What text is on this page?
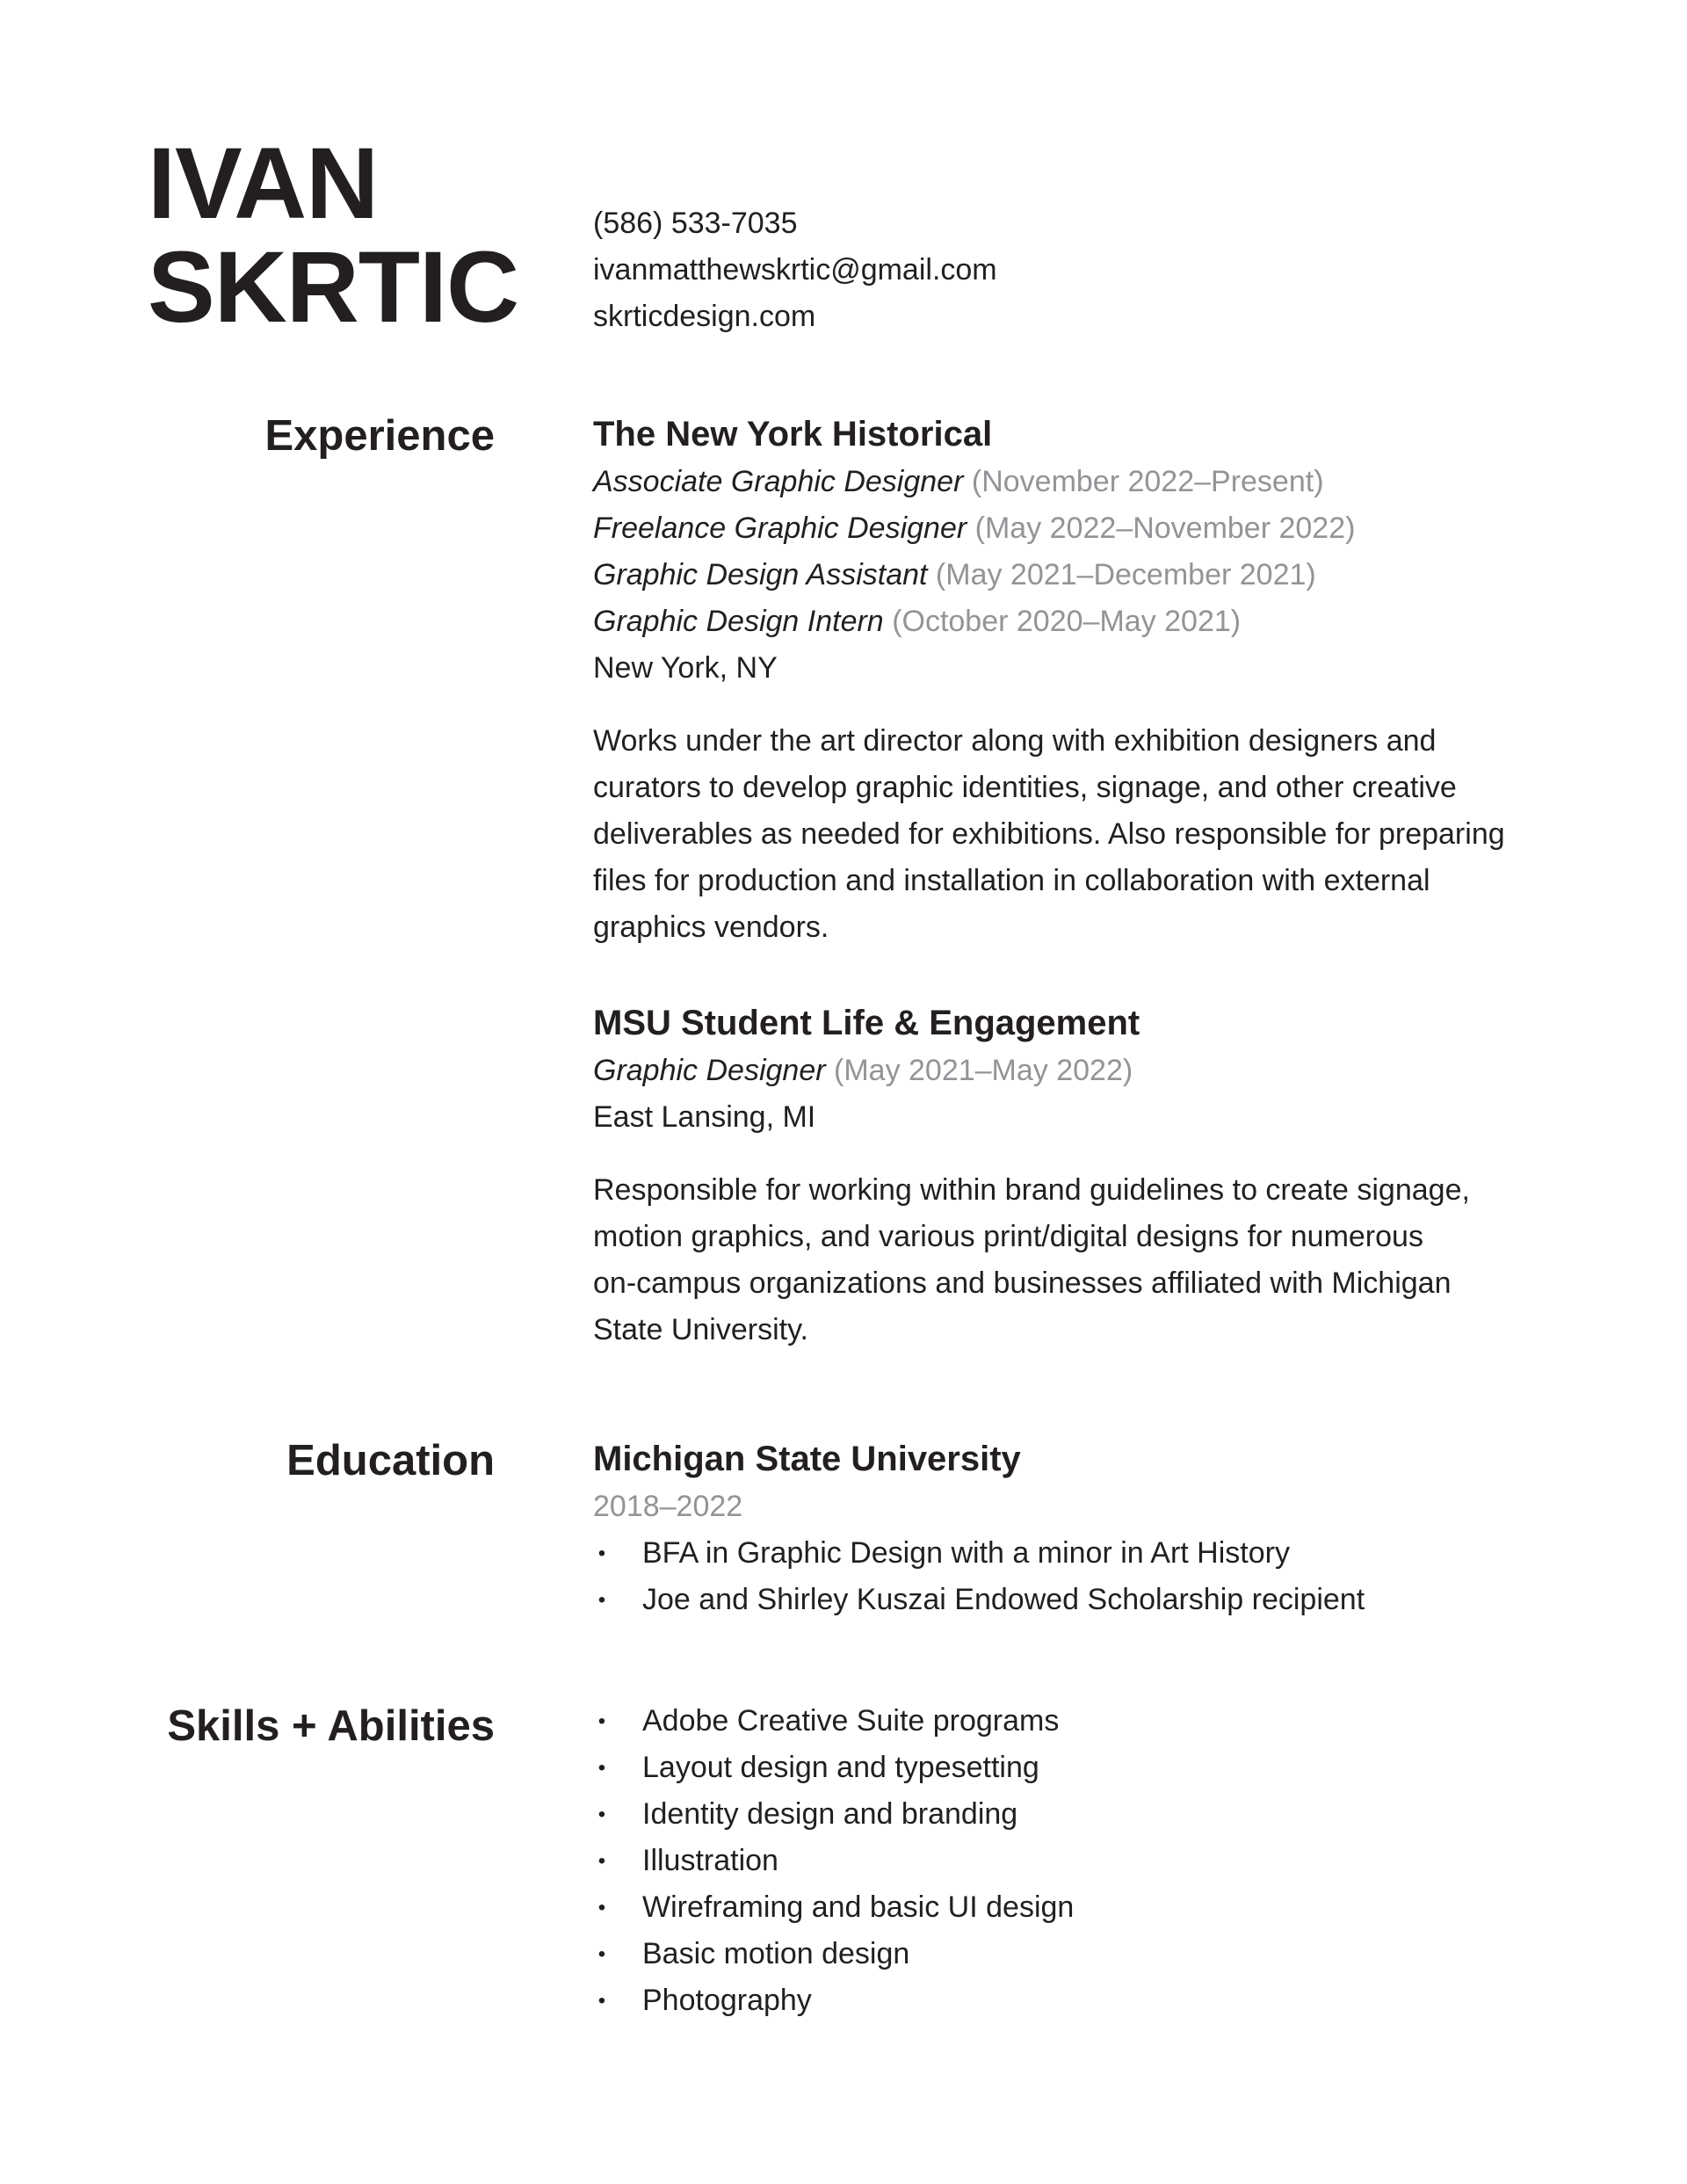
IVAN
SKRTIC
(586) 533-7035
ivanmatthewskrtic@gmail.com
skrticdesign.com
Experience
Education
Skills + Abilities
The New York Historical
Associate Graphic Designer (November 2022–Present)
Freelance Graphic Designer (May 2022–November 2022)
Graphic Design Assistant (May 2021–December 2021)
Graphic Design Intern (October 2020–May 2021)
New York, NY
Works under the art director along with exhibition designers and
curators to develop graphic identities, signage, and other creative
deliverables as needed for exhibitions. Also responsible for preparing
files for production and installation in collaboration with external
graphics vendors.
MSU Student Life & Engagement
Graphic Designer (May 2021–May 2022)
East Lansing, MI
Responsible for working within brand guidelines to create signage,
motion graphics, and various print/digital designs for numerous
on-campus organizations and businesses affiliated with Michigan
State University.
Michigan State University
2018–2022
• BFA in Graphic Design with a minor in Art History
• Joe and Shirley Kuszai Endowed Scholarship recipient
• Adobe Creative Suite programs
• Layout design and typesetting
• Identity design and branding
• Illustration
• Wireframing and basic UI design
• Basic motion design
• Photography
